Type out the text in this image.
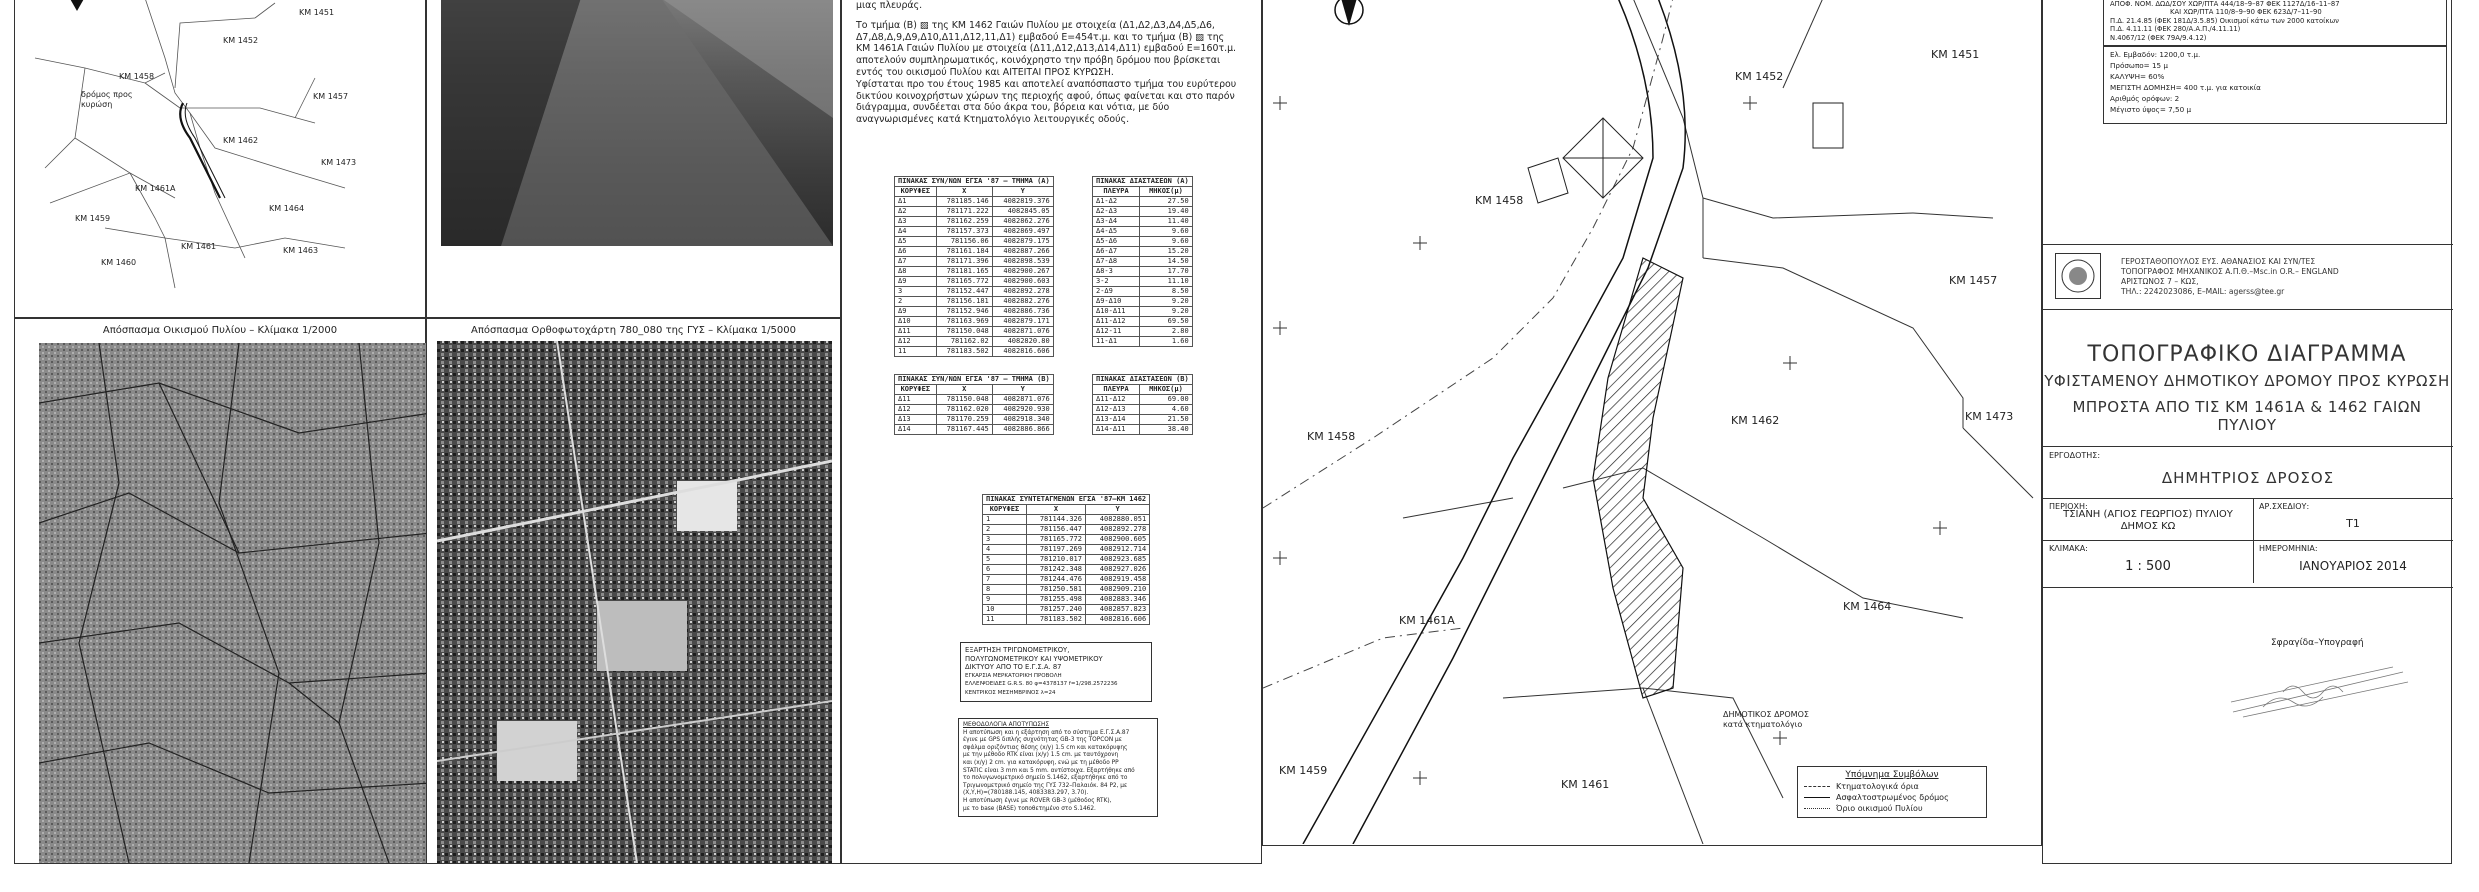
KM 1451
KM 1452
KM 1458
KM 1457
KM 1462
KM 1473
KM 1461A
KM 1464
KM 1459
KM 1461	KM 1463
KM 1460
δρόμος προς κυρώση
Απόσπασμα Οικισμού Πυλίου – Κλίμακα 1/2000	Απόσπασμα Ορθοφωτοχάρτη 780_080 της ΓΥΣ – Κλίμακα 1/5000
μιας πλευράς.
Το τμήμα (Β) ▨ της ΚΜ 1462 Γαιών Πυλίου με στοιχεία (Δ1,Δ2,Δ3,Δ4,Δ5,Δ6,
Δ7,Δ8,Δ,9,Δ9,Δ10,Δ11,Δ12,11,Δ1) εμβαδού Ε=454τ.μ. και το τμήμα (Β) ▨ της
ΚΜ 1461Α Γαιών Πυλίου με στοιχεία (Δ11,Δ12,Δ13,Δ14,Δ11) εμβαδού Ε=160τ.μ.
αποτελούν συμπληρωματικός, κοινόχρηστο την πρόβη δρόμου που βρίσκεται
εντός του οικισμού Πυλίου και ΑΙΤΕΙΤΑΙ ΠΡΟΣ ΚΥΡΩΣΗ.
Υφίσταται προ του έτους 1985 και αποτελεί αναπόσπαστο τμήμα του ευρύτερου
δικτύου κοινοχρήστων χώρων της περιοχής αφού, όπως φαίνεται και στο παρόν
διάγραμμα, συνδέεται στα δύο άκρα του, βόρεια και νότια, με δύο
αναγνωρισμένες κατά Κτηματολόγιο λειτουργικές οδούς.
ΠΙΝΑΚΑΣ ΣΥΝ/ΝΩΝ ΕΓΣΑ '87 – ΤΜΗΜΑ (Α)		
ΚΟΡΥΦΕΣ	X	Y
Δ1	781185.146	4082819.376
Δ2	781171.222	4082845.05
Δ3	781162.259	4082862.276
Δ4	781157.373	4082869.497
Δ5	781156.06	4082879.175
Δ6	781161.184	4082887.266
Δ7	781171.396	4082898.539
Δ8	781181.165	4082900.267
Δ9	781165.772	4082900.603
3	781152.447	4082892.278
2	781156.181	4082882.276
Δ9	781152.946	4082886.736
Δ10	781163.969	4082879.171
Δ11	781150.048	4082871.076
Δ12	781162.02	4082820.80
11	781183.502	4082816.606
ΠΙΝΑΚΑΣ ΔΙΑΣΤΑΣΕΩΝ (Α)	
ΠΛΕΥΡΑ	ΜΗΚΟΣ(μ)
Δ1-Δ2	27.50
Δ2-Δ3	19.40
Δ3-Δ4	11.40
Δ4-Δ5	9.60
Δ5-Δ6	9.60
Δ6-Δ7	15.20
Δ7-Δ8	14.50
Δ8-3	17.70
3-2	11.10
2-Δ9	8.50
Δ9-Δ10	9.20
Δ10-Δ11	9.20
Δ11-Δ12	69.50
Δ12-11	2.80
11-Δ1	1.60
ΠΙΝΑΚΑΣ ΣΥΝ/ΝΩΝ ΕΓΣΑ '87 – ΤΜΗΜΑ (Β)		
ΚΟΡΥΦΕΣ	X	Y
Δ11	781150.048	4082871.076
Δ12	781162.020	4082920.930
Δ13	781170.259	4082918.340
Δ14	781167.445	4082886.866
ΠΙΝΑΚΑΣ ΔΙΑΣΤΑΣΕΩΝ (Β)	
ΠΛΕΥΡΑ	ΜΗΚΟΣ(μ)
Δ11-Δ12	69.00
Δ12-Δ13	4.60
Δ13-Δ14	21.50
Δ14-Δ11	38.40
ΠΙΝΑΚΑΣ ΣΥΝΤΕΤΑΓΜΕΝΩΝ ΕΓΣΑ '87–ΚΜ 1462		
ΚΟΡΥΦΕΣ	X	Y
1	781144.326	4082880.051
2	781156.447	4082892.278
3	781165.772	4082900.605
4	781197.269	4082912.714
5	781210.017	4082923.685
6	781242.348	4082927.026
7	781244.476	4082919.458
8	781250.581	4082909.210
9	781255.498	4082883.346
10	781257.240	4082857.823
11	781183.502	4082816.606
ΕΞΑΡΤΗΣΗ ΤΡΙΓΩΝΟΜΕΤΡΙΚΟΥ,
ΠΟΛΥΓΩΝΟΜΕΤΡΙΚΟΥ ΚΑΙ ΥΨΟΜΕΤΡΙΚΟΥ
ΔΙΚΤΥΟΥ ΑΠΟ ΤΟ Ε.Γ.Σ.Α. 87
ΕΓΚΑΡΣΙΑ ΜΕΡΚΑΤΟΡΙΚΗ ΠΡΟΒΟΛΗ
ΕΛΛΕΙΨΟΕΙΔΕΣ G.R.S. 80 φ=4378137 f=1/298.2572236
ΚΕΝΤΡΙΚΟΣ ΜΕΣΗΜΒΡΙΝΟΣ λ=24
ΜΕΘΟΔΟΛΟΓΙΑ ΑΠΟΤΥΠΩΣΗΣ
Η αποτύπωση και η εξάρτηση από το σύστημα Ε.Γ.Σ.Α.87
έγινε με GPS διπλής συχνότητας GB-3 της TOPCON με
σφάλμα οριζόντιας θέσης (x/y) 1.5 cm και κατακόρυφης
με την μέθοδο RTK είναι (x/y) 1.5 cm. με ταυτόχρονη
και (x/y) 2 cm. για κατακόρυφη, ενώ με τη μέθοδο PP
STATIC είναι 3 mm και 5 mm. αντίστοιχα. Εξαρτήθηκε από
το πολυγωνομετρικό σημείο S.1462, εξαρτήθηκε από το
Τριγωνομετρικό σημείο της ΓΥΣ 732–Παλαιόκ. 84 Ρ2, με
(X,Y,H)=(780188.145, 4083383.297, 3.70).
Η αποτύπωση έγινε με ROVER GB-3 (μέθοδος RTK),
με το base (BASE) τοποθετημένο στο S.1462.
KM 1451
KM 1452
KM 1458
KM 1457
KM 1462	KM 1473
KM 1458
KM 1461A
KM 1464
KM 1459
KM 1461
ΔΗΜΟΤΙΚΟΣ ΔΡΟΜΟΣ
κατά κτηματολόγιο
Υπόμνημα Συμβόλων
Κτηματολογικά όρια
Ασφαλτοστρωμένος δρόμος
Όριο οικισμού Πυλίου
ΑΠΟΦ. ΝΟΜ. ΔΩΔ/ΣΟΥ ΧΩΡ/ΠΤΑ 444/18–9–87 ΦΕΚ 1127Δ/16–11–87
ΚΑΙ ΧΩΡ/ΠΤΑ 110/8–9–90 ΦΕΚ 623Δ/7–11–90
Π.Δ. 21.4.85 (ΦΕΚ 181Δ/3.5.85) Οικισμοί κάτω των 2000 κατοίκων
Π.Δ. 4.11.11 (ΦΕΚ 280/Α.Α.Π./4.11.11)
Ν.4067/12 (ΦΕΚ 79Α/9.4.12)
Ελ. Εμβαδόν: 1200,0 τ.μ.
Πρόσωπο= 15 μ
ΚΑΛΥΨΗ= 60%
ΜΕΓΙΣΤΗ ΔΟΜΗΣΗ= 400 τ.μ. για κατοικία
Αριθμός ορόφων: 2
Μέγιστο ύψος= 7,50 μ
ΓΕΡΟΣΤΑΘΟΠΟΥΛΟΣ ΕΥΣ. ΑΘΑΝΑΣΙΟΣ ΚΑΙ ΣΥΝ/ΤΕΣ
ΤΟΠΟΓΡΑΦΟΣ ΜΗΧΑΝΙΚΟΣ Α.Π.Θ.–Msc.in O.R.– ENGLAND
ΑΡΙΣΤΩΝΟΣ 7 – ΚΩΣ,
ΤΗΛ.: 2242023086, E–MAIL: agerss@tee.gr
ΤΟΠΟΓΡΑΦΙΚΟ ΔΙΑΓΡΑΜΜΑ
ΥΦΙΣΤΑΜΕΝΟΥ ΔΗΜΟΤΙΚΟΥ ΔΡΟΜΟΥ ΠΡΟΣ ΚΥΡΩΣΗ
ΜΠΡΟΣΤΑ ΑΠΟ ΤΙΣ ΚΜ 1461Α & 1462 ΓΑΙΩΝ ΠΥΛΙΟΥ
ΕΡΓΟΔΟΤΗΣ:
ΔΗΜΗΤΡΙΟΣ ΔΡΟΣΟΣ
ΠΕΡΙΟΧΗ:
ΤΣΙΑΝΗ (ΑΓΙΟΣ ΓΕΩΡΓΙΟΣ) ΠΥΛΙΟΥ
ΔΗΜΟΣ ΚΩ
ΑΡ.ΣΧΕΔΙΟΥ:
Τ1
ΚΛΙΜΑΚΑ:
1 : 500
ΗΜΕΡΟΜΗΝΙΑ:
ΙΑΝΟΥΑΡΙΟΣ 2014
Σφραγίδα–Υπογραφή
